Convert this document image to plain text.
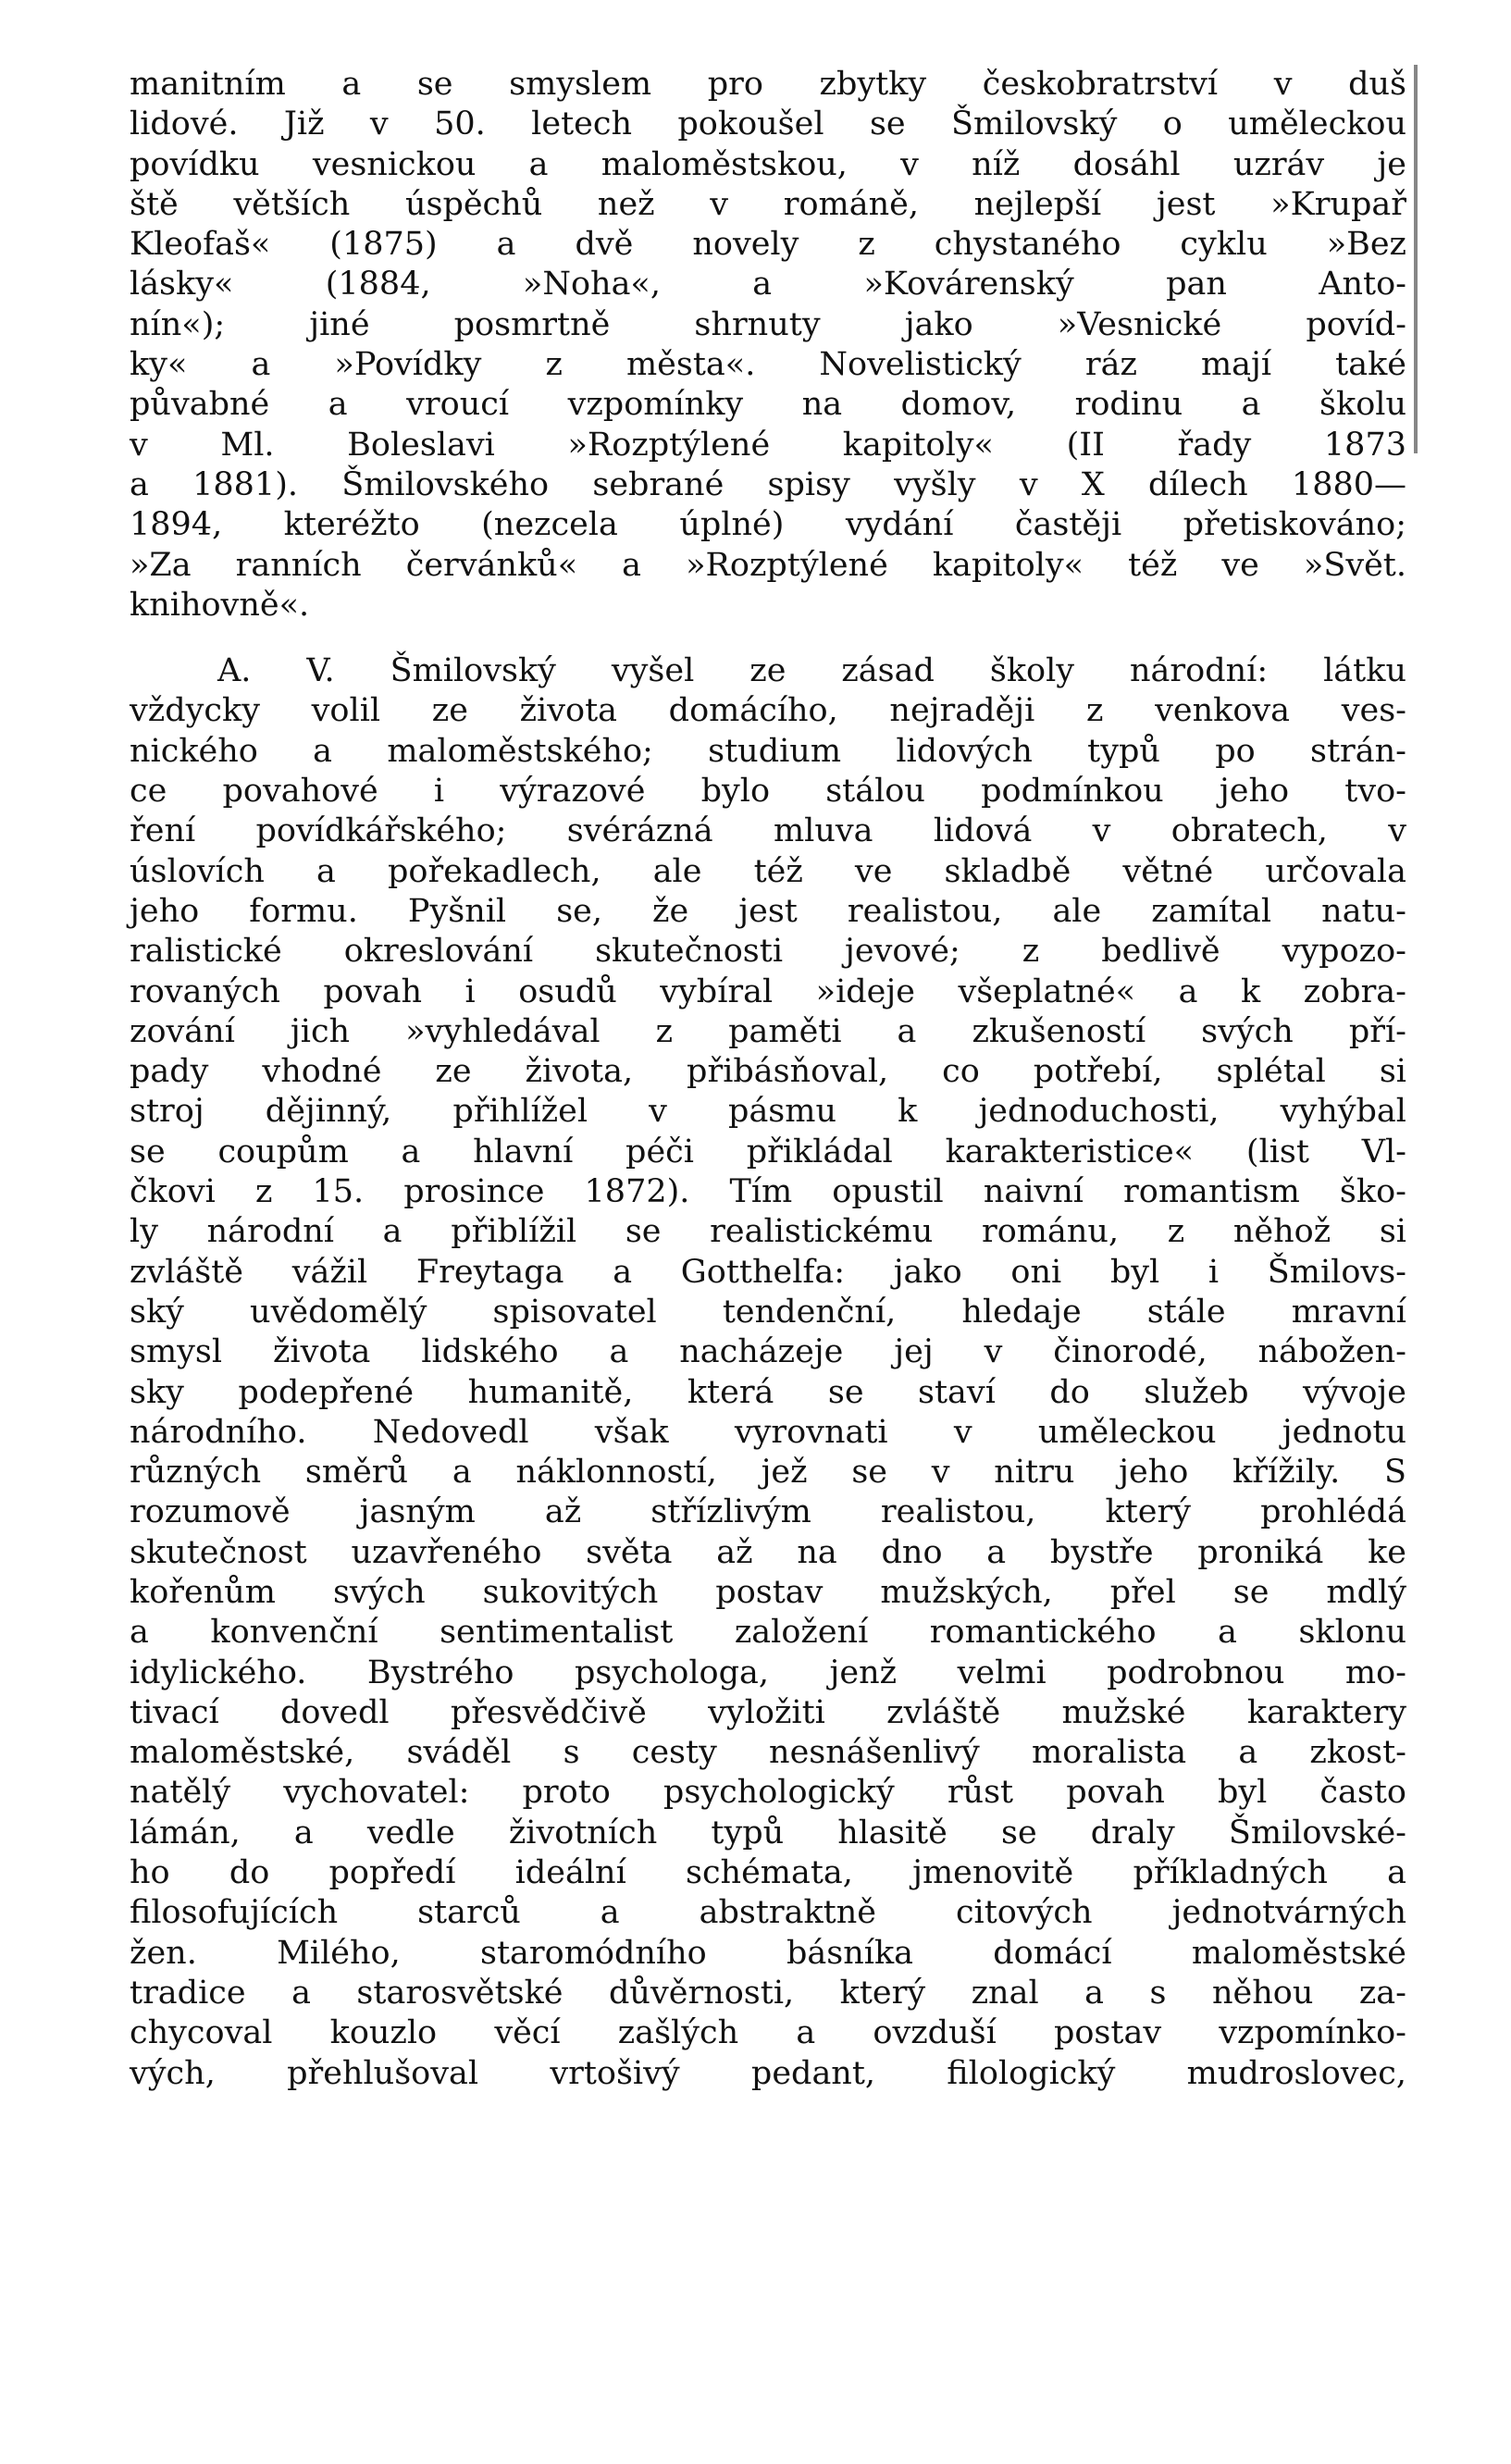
manitním a se smyslem pro zbytky českobratrství v duš
lidové. Již v 50. letech pokoušel se Šmilovský o uměleckou
povídku vesnickou a maloměstskou, v níž dosáhl uzráv je
ště větších úspěchů než v románě, nejlepší jest »Krupař
Kleofaš« (1875) a dvě novely z chystaného cyklu »Bez
lásky« (1884, »Noha«, a »Kovárenský pan Anto-
nín«); jiné posmrtně shrnuty jako »Vesnické povíd-
ky« a »Povídky z města«. Novelistický ráz mají také
půvabné a vroucí vzpomínky na domov, rodinu a školu
v Ml. Boleslavi »Rozptýlené kapitoly« (II řady 1873
a 1881). Šmilovského sebrané spisy vyšly v X dílech 1880—
1894, kteréžto (nezcela úplné) vydání častěji přetiskováno;
»Za ranních červánků« a »Rozptýlené kapitoly« též ve »Svět.
knihovně«.
A. V. Šmilovský vyšel ze zásad školy národní: látku
vždycky volil ze života domácího, nejraději z venkova ves-
nického a maloměstského; studium lidových typů po strán-
ce povahové i výrazové bylo stálou podmínkou jeho tvo-
ření povídkářského; svérázná mluva lidová v obratech, v
úslovích a pořekadlech, ale též ve skladbě větné určovala
jeho formu. Pyšnil se, že jest realistou, ale zamítal natu-
ralistické okreslování skutečnosti jevové; z bedlivě vypozo-
rovaných povah i osudů vybíral »ideje všeplatné« a k zobra-
zování jich »vyhledával z paměti a zkušeností svých pří-
pady vhodné ze života, přibásňoval, co potřebí, splétal si
stroj dějinný, přihlížel v pásmu k jednoduchosti, vyhýbal
se coupům a hlavní péči přikládal karakteristice« (list Vl-
čkovi z 15. prosince 1872). Tím opustil naivní romantism ško-
ly národní a přiblížil se realistickému románu, z něhož si
zvláště vážil Freytaga a Gotthelfa: jako oni byl i Šmilovs-
ský uvědomělý spisovatel tendenční, hledaje stále mravní
smysl života lidského a nacházeje jej v činorodé, nábožen-
sky podepřené humanitě, která se staví do služeb vývoje
národního. Nedovedl však vyrovnati v uměleckou jednotu
různých směrů a náklonností, jež se v nitru jeho křížily. S
rozumově jasným až střízlivým realistou, který prohlédá
skutečnost uzavřeného světa až na dno a bystře proniká ke
kořenům svých sukovitých postav mužských, přel se mdlý
a konvenční sentimentalist založení romantického a sklonu
idylického. Bystrého psychologa, jenž velmi podrobnou mo-
tivací dovedl přesvědčivě vyložiti zvláště mužské karaktery
maloměstské, sváděl s cesty nesnášenlivý moralista a zkost-
natělý vychovatel: proto psychologický růst povah byl často
lámán, a vedle životních typů hlasitě se draly Šmilovské-
ho do popředí ideální schémata, jmenovitě příkladných a
filosofujících starců a abstraktně citových jednotvárných
žen. Milého, staromódního básníka domácí maloměstské
tradice a starosvětské důvěrnosti, který znal a s něhou za-
chycoval kouzlo věcí zašlých a ovzduší postav vzpomínko-
vých, přehlušoval vrtošivý pedant, filologický mudroslovec,
